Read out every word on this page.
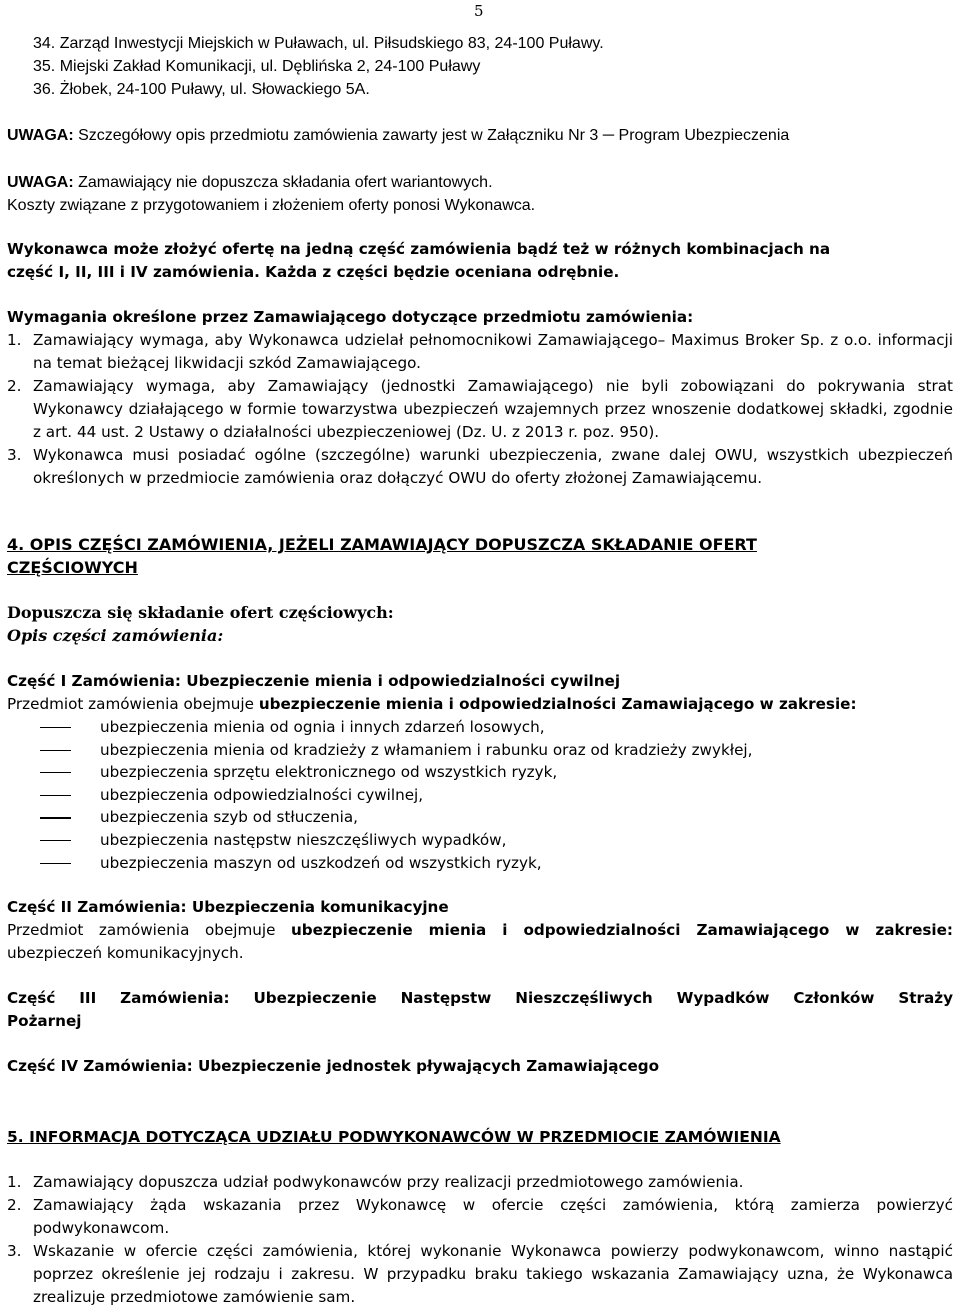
5
34. Zarząd Inwestycji Miejskich w Puławach, ul. Piłsudskiego 83, 24-100 Puławy.
35. Miejski Zakład Komunikacji, ul. Dęblińska 2, 24-100 Puławy
36. Żłobek, 24-100 Puławy, ul. Słowackiego 5A.
UWAGA: Szczegółowy opis przedmiotu zamówienia zawarty jest w Załączniku Nr 3 ─ Program Ubezpieczenia
UWAGA: Zamawiający nie dopuszcza składania ofert wariantowych.
Koszty związane z przygotowaniem i złożeniem oferty ponosi Wykonawca.
Wykonawca może złożyć ofertę na jedną część zamówienia bądź też w różnych kombinacjach na
część I, II, III i IV zamówienia. Każda z części będzie oceniana odrębnie.
Wymagania określone przez Zamawiającego dotyczące przedmiotu zamówienia:
1. Zamawiający wymaga, aby Wykonawca udzielał pełnomocnikowi Zamawiającego– Maximus Broker Sp. z o.o. informacji na temat bieżącej likwidacji szkód Zamawiającego.
2. Zamawiający wymaga, aby Zamawiający (jednostki Zamawiającego) nie byli zobowiązani do pokrywania strat Wykonawcy działającego w formie towarzystwa ubezpieczeń wzajemnych przez wnoszenie dodatkowej składki, zgodnie z art. 44 ust. 2 Ustawy o działalności ubezpieczeniowej (Dz. U. z 2013 r. poz. 950).
3. Wykonawca musi posiadać ogólne (szczególne) warunki ubezpieczenia, zwane dalej OWU, wszystkich ubezpieczeń określonych w przedmiocie zamówienia oraz dołączyć OWU do oferty złożonej Zamawiającemu.
4. OPIS CZĘŚCI ZAMÓWIENIA, JEŻELI ZAMAWIAJĄCY DOPUSZCZA SKŁADANIE OFERT
CZĘŚCIOWYCH
Dopuszcza się składanie ofert częściowych:
Opis części zamówienia:
Część I Zamówienia: Ubezpieczenie mienia i odpowiedzialności cywilnej
Przedmiot zamówienia obejmuje ubezpieczenie mienia i odpowiedzialności Zamawiającego w zakresie:
ubezpieczenia mienia od ognia i innych zdarzeń losowych,
ubezpieczenia mienia od kradzieży z włamaniem i rabunku oraz od kradzieży zwykłej,
ubezpieczenia sprzętu elektronicznego od wszystkich ryzyk,
ubezpieczenia odpowiedzialności cywilnej,
ubezpieczenia szyb od stłuczenia,
ubezpieczenia następstw nieszczęśliwych wypadków,
ubezpieczenia maszyn od uszkodzeń od wszystkich ryzyk,
Część II Zamówienia: Ubezpieczenia komunikacyjne
Przedmiot zamówienia obejmuje ubezpieczenie mienia i odpowiedzialności Zamawiającego w zakresie: ubezpieczeń komunikacyjnych.
Część III Zamówienia: Ubezpieczenie Następstw Nieszczęśliwych Wypadków Członków Straży
Pożarnej
Część IV Zamówienia: Ubezpieczenie jednostek pływających Zamawiającego
5. INFORMACJA DOTYCZĄCA UDZIAŁU PODWYKONAWCÓW W PRZEDMIOCIE ZAMÓWIENIA
1. Zamawiający dopuszcza udział podwykonawców przy realizacji przedmiotowego zamówienia.
2. Zamawiający żąda wskazania przez Wykonawcę w ofercie części zamówienia, którą zamierza powierzyć podwykonawcom.
3. Wskazanie w ofercie części zamówienia, której wykonanie Wykonawca powierzy podwykonawcom, winno nastąpić poprzez określenie jej rodzaju i zakresu. W przypadku braku takiego wskazania Zamawiający uzna, że Wykonawca zrealizuje przedmiotowe zamówienie sam.
